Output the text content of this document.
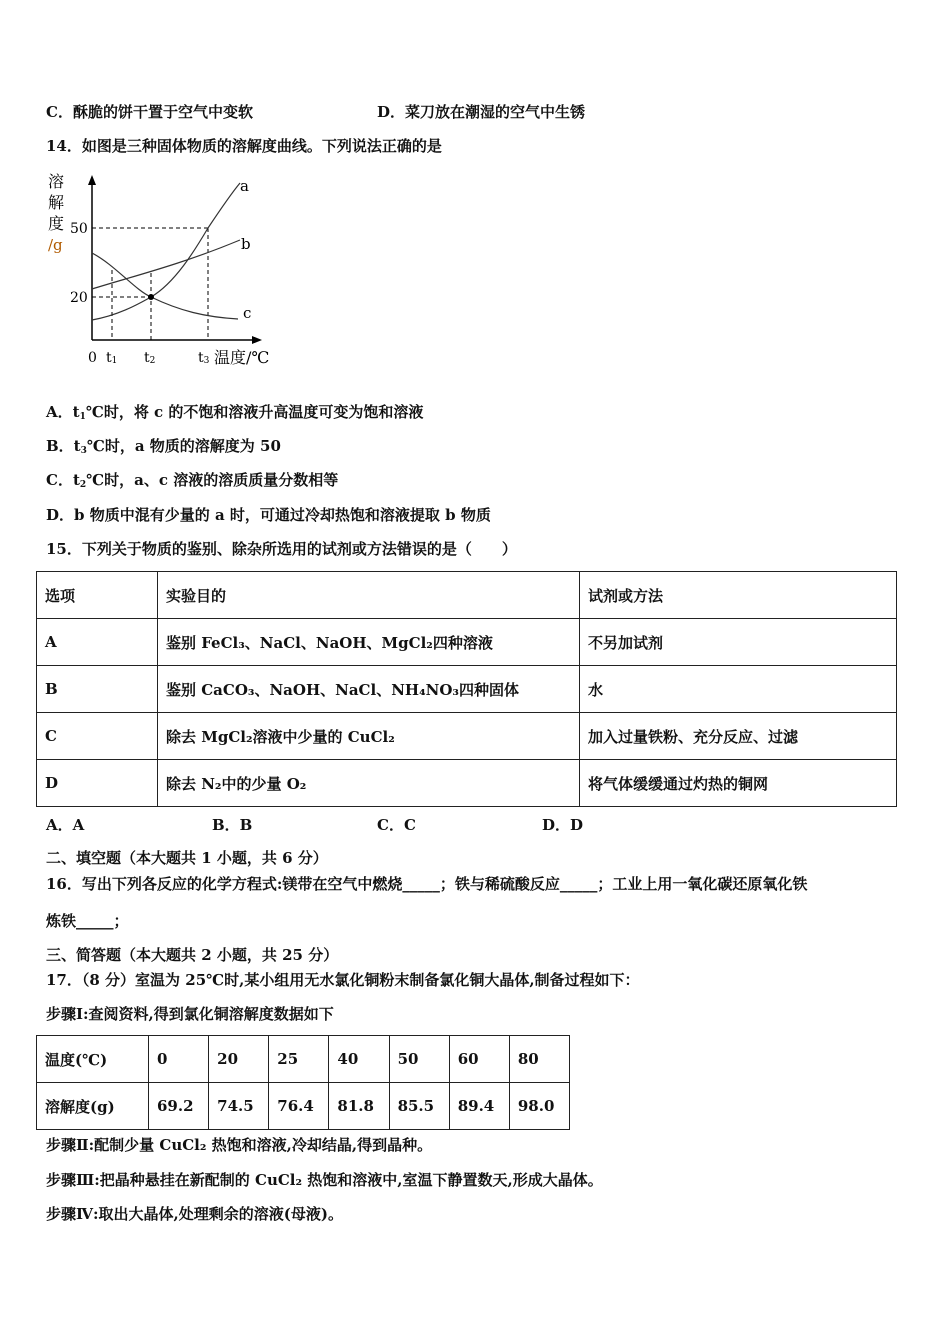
C．酥脆的饼干置于空气中变软	D．菜刀放在潮湿的空气中生锈
14．如图是三种固体物质的溶解度曲线。下列说法正确的是
溶
解
度
/g
50
20
0 t1 t2	t3 温度/℃
a
b
c
A．$t_1℃$时，将 c 的不饱和溶液升高温度可变为饱和溶液
B．$t_3℃$时，a 物质的溶解度为 50
C．$t_2℃$时，a、c 溶液的溶质质量分数相等
D．b 物质中混有少量的 a 时，可通过冷却热饱和溶液提取 b 物质
15．下列关于物质的鉴别、除杂所选用的试剂或方法错误的是（　　）
选项	实验目的	试剂或方法
A	鉴别 FeCl₃、NaCl、NaOH、MgCl₂四种溶液	不另加试剂
B	鉴别 CaCO₃、NaOH、NaCl、NH₄NO₃四种固体	水
C	除去 MgCl₂溶液中少量的 CuCl₂	加入过量铁粉、充分反应、过滤
D	除去 N₂中的少量 O₂	将气体缓缓通过灼热的铜网
A．A	B．B	C．C	D．D
二、填空题（本大题共 1 小题，共 6 分）
16．写出下列各反应的化学方程式:镁带在空气中燃烧_____；铁与稀硫酸反应_____；工业上用一氧化碳还原氧化铁
炼铁_____；
三、简答题（本大题共 2 小题，共 25 分）
17．（8 分）室温为 25℃时,某小组用无水氯化铜粉末制备氯化铜大晶体,制备过程如下：
步骤Ⅰ:查阅资料,得到氯化铜溶解度数据如下
温度(℃)	0	20	25	40	50	60	80
溶解度(g)	69.2	74.5	76.4	81.8	85.5	89.4	98.0
步骤Ⅱ:配制少量 CuCl₂ 热饱和溶液,冷却结晶,得到晶种。
步骤Ⅲ:把晶种悬挂在新配制的 CuCl₂ 热饱和溶液中,室温下静置数天,形成大晶体。
步骤Ⅳ:取出大晶体,处理剩余的溶液(母液)。
